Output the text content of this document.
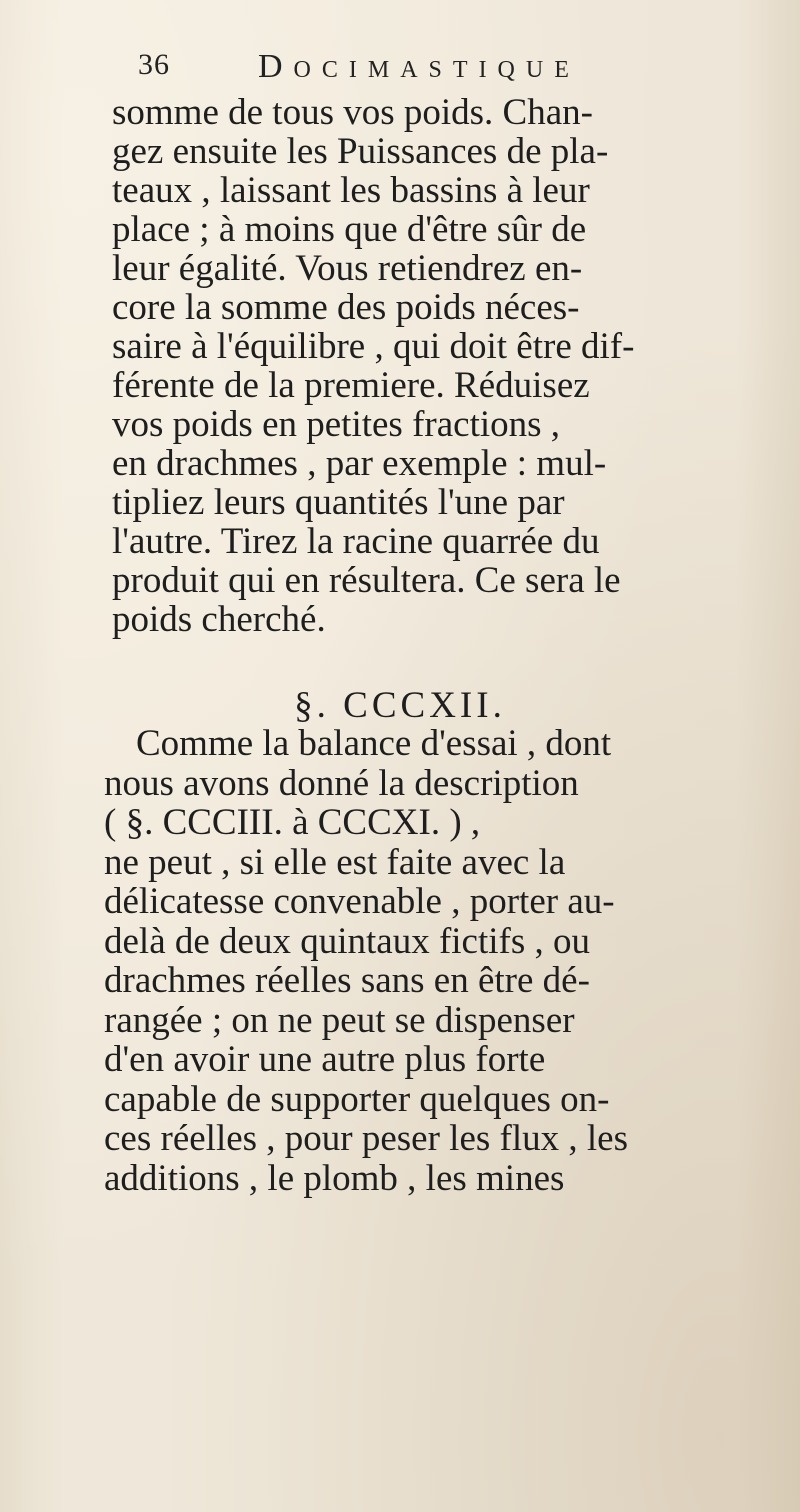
36	Docimastique
somme de tous vos poids. Chan-
gez ensuite les Puissances de pla-
teaux , laissant les bassins à leur
place ; à moins que d'être sûr de
leur égalité. Vous retiendrez en-
core la somme des poids néces-
saire à l'équilibre , qui doit être dif-
férente de la premiere. Réduisez
vos poids en petites fractions ,
en drachmes , par exemple : mul-
tipliez leurs quantités l'une par
l'autre. Tirez la racine quarrée du
produit qui en résultera. Ce sera le
poids cherché.
§. CCCXII.
Comme la balance d'essai , dont
nous avons donné la description
( §. CCCIII. à CCCXI. ) ,
ne peut , si elle est faite avec la
délicatesse convenable , porter au-
delà de deux quintaux fictifs , ou
drachmes réelles sans en être dé-
rangée ; on ne peut se dispenser
d'en avoir une autre plus forte
capable de supporter quelques on-
ces réelles , pour peser les flux , les
additions , le plomb , les mines
